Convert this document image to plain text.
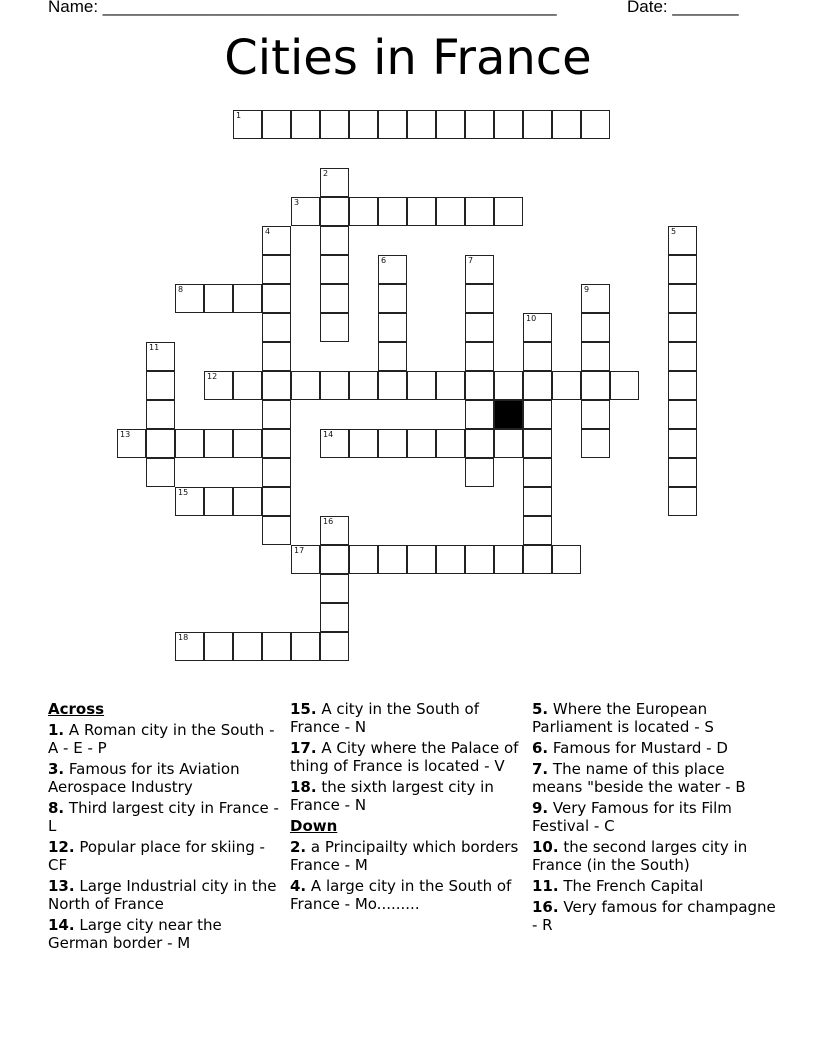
Name: ________________________________________________	Date: _______
Cities in France
1
2
3
4	5
6	7
8	9
10
11
12
13	14
15
16
17
18
Across
1. A Roman city in the South - A - E - P
3. Famous for its Aviation Aerospace Industry
8. Third largest city in France - L
12. Popular place for skiing - CF
13. Large Industrial city in the North of France
14. Large city near the German border - M
15. A city in the South of France - N
17. A City where the Palace of thing of France is located - V
18. the sixth largest city in France - N
Down
2. a Principailty which borders France - M
4. A large city in the South of France - Mo.........
5. Where the European Parliament is located - S
6. Famous for Mustard - D
7. The name of this place means "beside the water - B
9. Very Famous for its Film Festival - C
10. the second larges city in France (in the South)
11. The French Capital
16. Very famous for champagne - R
